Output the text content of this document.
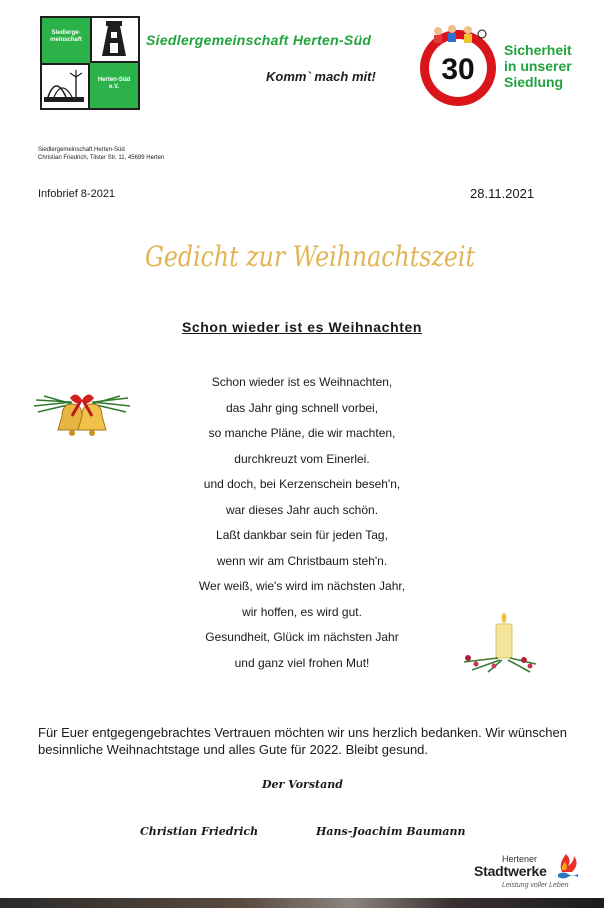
Siedlerge-
meinschaft
Herten-Süd
e.V.
Siedlergemeinschaft Herten-Süd
Komm` mach mit! 30
Sicherheit
in unserer
Siedlung
Siedlergemeinschaft Herten-Süd
Christian Friedrich, Tilster Str. 11, 45699 Herten
Infobrief 8-2021	28.11.2021
Gedicht zur Weihnachtszeit
Schon wieder ist es Weihnachten
Schon wieder ist es Weihnachten,
das Jahr ging schnell vorbei,
so manche Pläne, die wir machten,
durchkreuzt vom Einerlei.
und doch, bei Kerzenschein beseh'n,
war dieses Jahr auch schön.
Laßt dankbar sein für jeden Tag,
wenn wir am Christbaum steh'n.
Wer weiß, wie's wird im nächsten Jahr,
wir hoffen, es wird gut.
Gesundheit, Glück im nächsten Jahr
und ganz viel frohen Mut!
Für Euer entgegengebrachtes Vertrauen möchten wir uns herzlich bedanken. Wir wünschen besinnliche Weihnachtstage und alles Gute für 2022. Bleibt gesund.
Der Vorstand
Christian Friedrich	Hans-Joachim Baumann
Hertener
Stadtwerke
Leistung voller Leben
